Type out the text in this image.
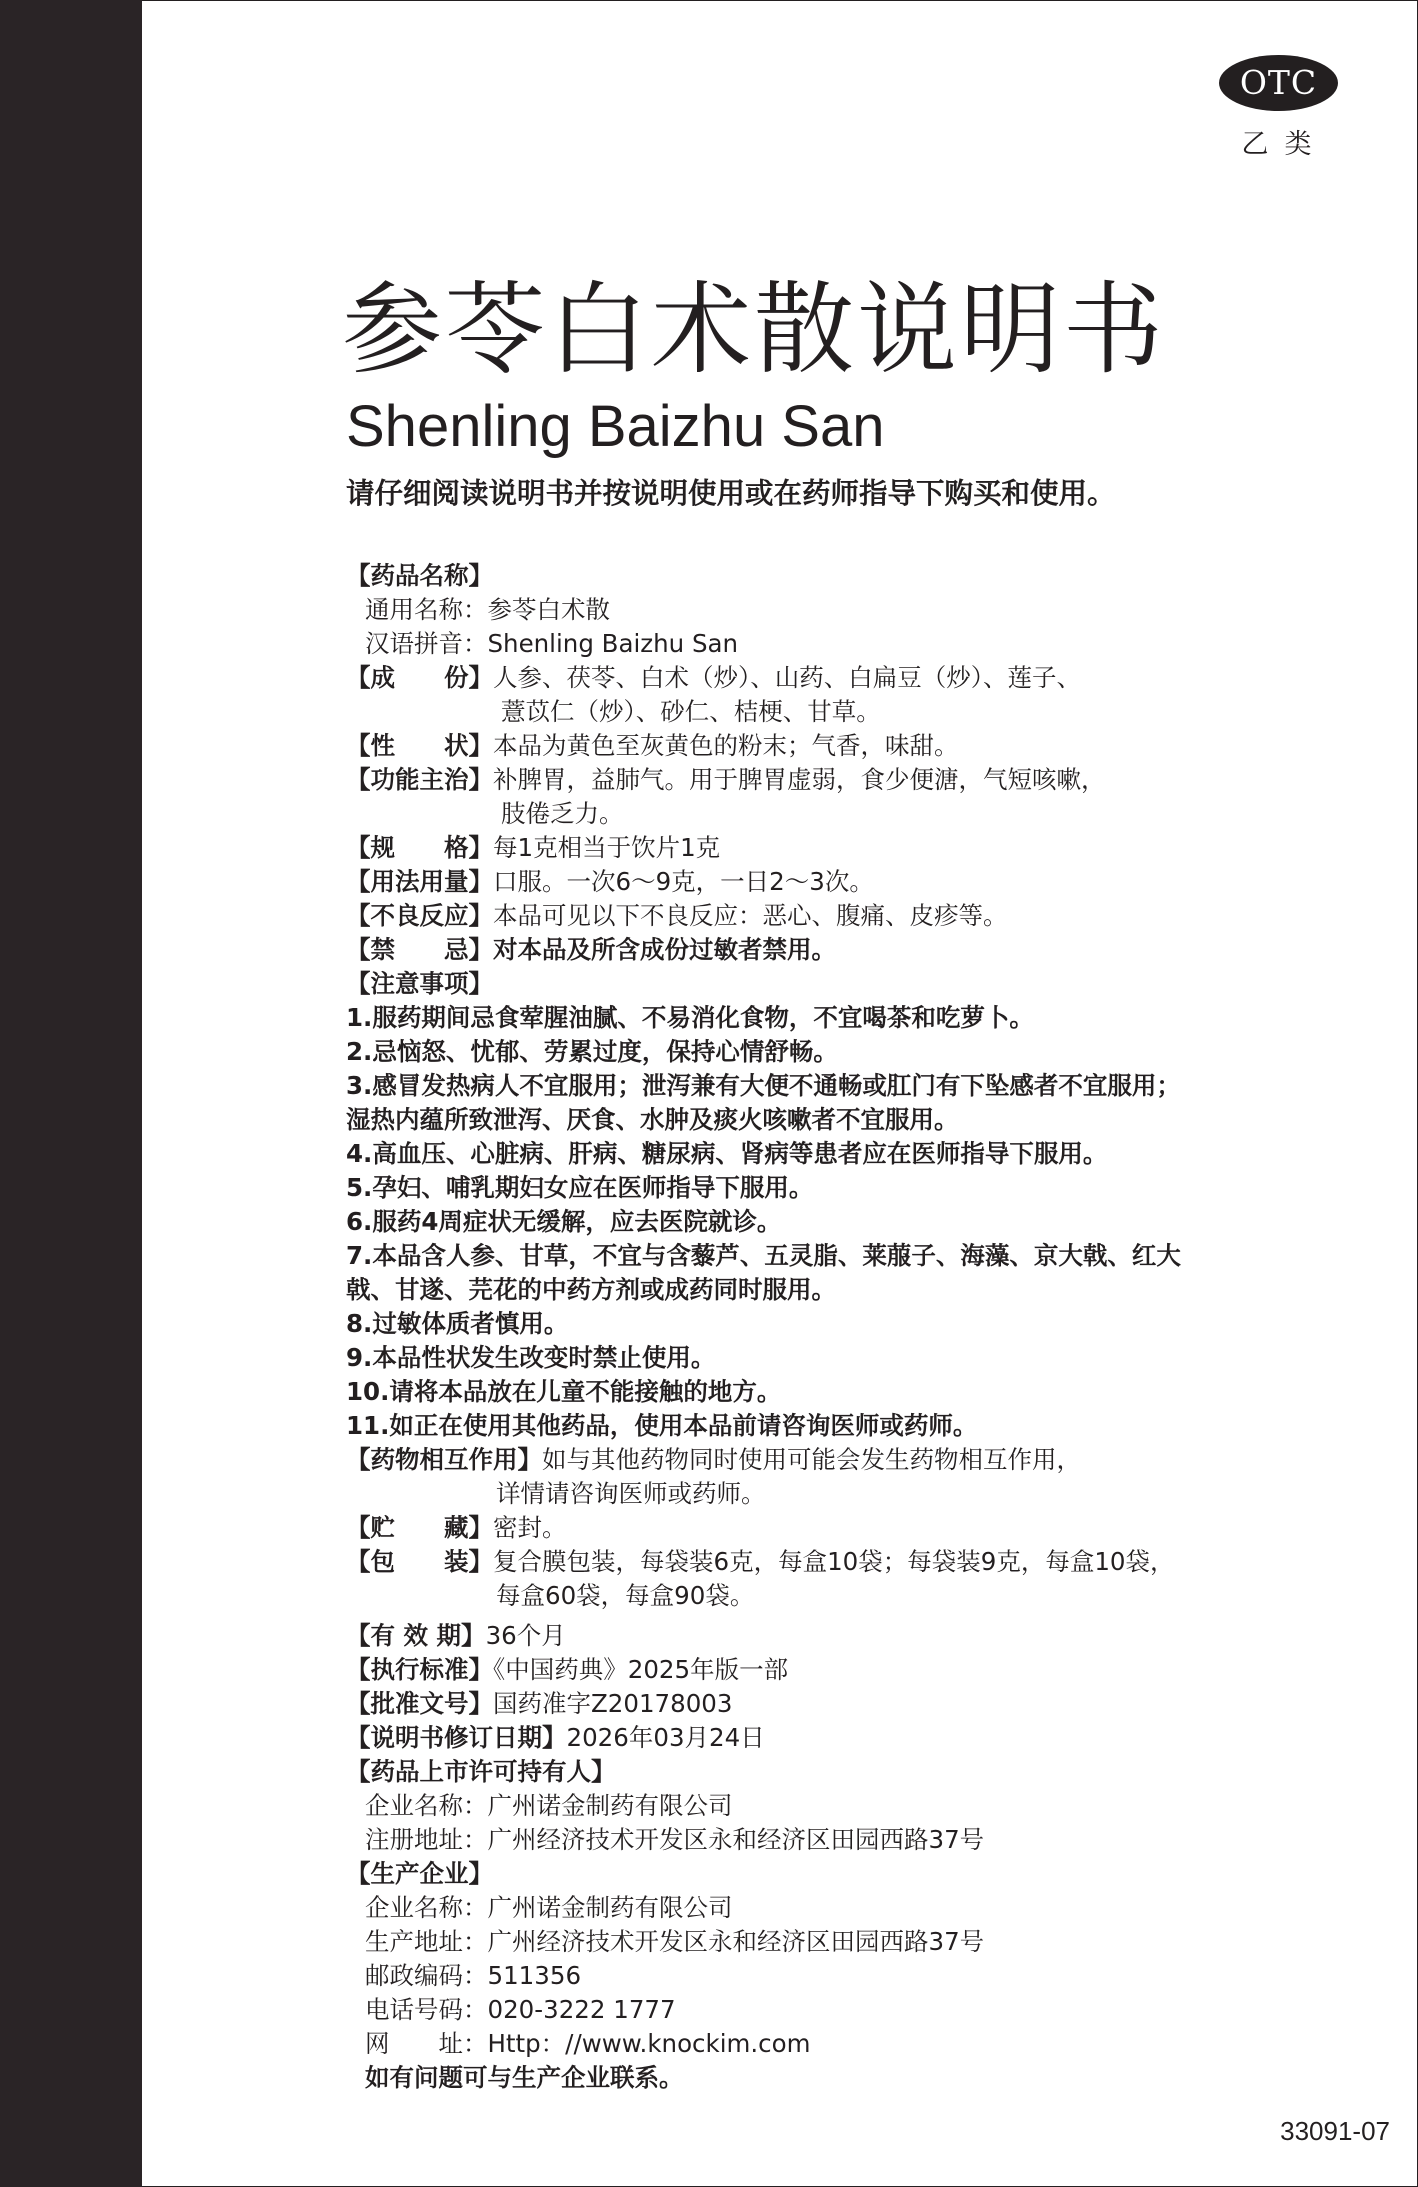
OTC
乙类
参苓白术散说明书
Shenling Baizhu San
请仔细阅读说明书并按说明使用或在药师指导下购买和使用。
【药品名称】
通用名称：参苓白术散
汉语拼音：Shenling Baizhu San
【成　　份】人参、茯苓、白术（炒）、山药、白扁豆（炒）、莲子、
薏苡仁（炒）、砂仁、桔梗、甘草。
【性　　状】本品为黄色至灰黄色的粉末；气香，味甜。
【功能主治】补脾胃，益肺气。用于脾胃虚弱，食少便溏，气短咳嗽，
肢倦乏力。
【规　　格】每1克相当于饮片1克
【用法用量】口服。一次6～9克，一日2～3次。
【不良反应】本品可见以下不良反应：恶心、腹痛、皮疹等。
【禁　　忌】对本品及所含成份过敏者禁用。
【注意事项】
1.服药期间忌食荤腥油腻、不易消化食物，不宜喝茶和吃萝卜。
2.忌恼怒、忧郁、劳累过度，保持心情舒畅。
3.感冒发热病人不宜服用；泄泻兼有大便不通畅或肛门有下坠感者不宜服用；
湿热内蕴所致泄泻、厌食、水肿及痰火咳嗽者不宜服用。
4.高血压、心脏病、肝病、糖尿病、肾病等患者应在医师指导下服用。
5.孕妇、哺乳期妇女应在医师指导下服用。
6.服药4周症状无缓解，应去医院就诊。
7.本品含人参、甘草，不宜与含藜芦、五灵脂、莱菔子、海藻、京大戟、红大
戟、甘遂、芫花的中药方剂或成药同时服用。
8.过敏体质者慎用。
9.本品性状发生改变时禁止使用。
10.请将本品放在儿童不能接触的地方。
11.如正在使用其他药品，使用本品前请咨询医师或药师。
【药物相互作用】如与其他药物同时使用可能会发生药物相互作用，
详情请咨询医师或药师。
【贮　　藏】密封。
【包　　装】复合膜包装，每袋装6克，每盒10袋；每袋装9克，每盒10袋，
每盒60袋，每盒90袋。
【有 效 期】36个月
【执行标准】《中国药典》2025年版一部
【批准文号】国药准字Z20178003
【说明书修订日期】2026年03月24日
【药品上市许可持有人】
企业名称：广州诺金制药有限公司
注册地址：广州经济技术开发区永和经济区田园西路37号
【生产企业】
企业名称：广州诺金制药有限公司
生产地址：广州经济技术开发区永和经济区田园西路37号
邮政编码：511356
电话号码：020-3222 1777
网　　址：Http：//www.knockim.com
如有问题可与生产企业联系。
33091-07
